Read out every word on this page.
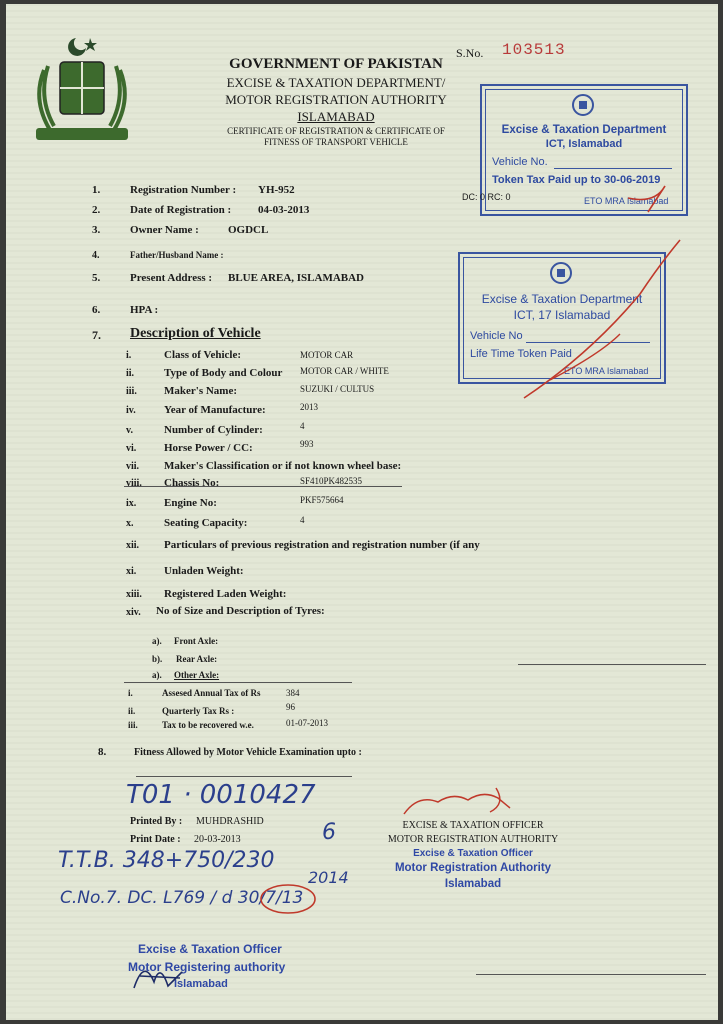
GOVERNMENT OF PAKISTAN
EXCISE & TAXATION DEPARTMENT/
MOTOR REGISTRATION AUTHORITY
ISLAMABAD
CERTIFICATE OF REGISTRATION & CERTIFICATE OF
FITNESS OF TRANSPORT VEHICLE
S.No. 103513
Excise & Taxation Department
ICT, Islamabad
Vehicle No.
Token Tax Paid up to 30-06-2019
ETO MRA Islamabad
DC: 0 RC: 0
Excise & Taxation Department
ICT, 17 Islamabad
Vehicle No
Life Time Token Paid
ETO MRA Islamabad
1.	Registration Number : YH-952
2.	Date of Registration : 04-03-2013
3.	Owner Name :	OGDCL
4.	Father/Husband Name :
5.	Present Address : BLUE AREA, ISLAMABAD
6.	HPA :
7. Description of Vehicle
i.	Class of Vehicle:	MOTOR CAR
ii.	Type of Body and Colour MOTOR CAR / WHITE
iii. Maker's Name:	SUZUKI / CULTUS
iv.	Year of Manufacture:	2013
v.	Number of Cylinder:	4
vi.	Horse Power / CC:	993
vii. Maker's Classification or if not known wheel base:
viii. Chassis No:	SF410PK482535
ix.	Engine No:	PKF575664
x.	Seating Capacity:	4
xii. Particulars of previous registration and registration number (if any
xi.	Unladen Weight:
xiii. Registered Laden Weight:
xiv. No of Size and Description of Tyres:
a). Front Axle:
b). Rear Axle:
a). Other Axle:
i.	Assesed Annual Tax of Rs	384
ii.	Quarterly Tax Rs :	96
iii.	Tax to be recovered w.e.	01-07-2013
8.	Fitness Allowed by Motor Vehicle Examination upto :
T01 · 0010427
Printed By : MUHDRASHID
Print Date : 20-03-2013	6
T.T.B. 348+750/230
2014
C.No.7. DC. L769 / d 30/7/13
EXCISE & TAXATION OFFICER
MOTOR REGISTRATION AUTHORITY
Excise & Taxation Officer
Motor Registration Authority
Islamabad
Excise & Taxation Officer
Motor Registering authority
Islamabad
